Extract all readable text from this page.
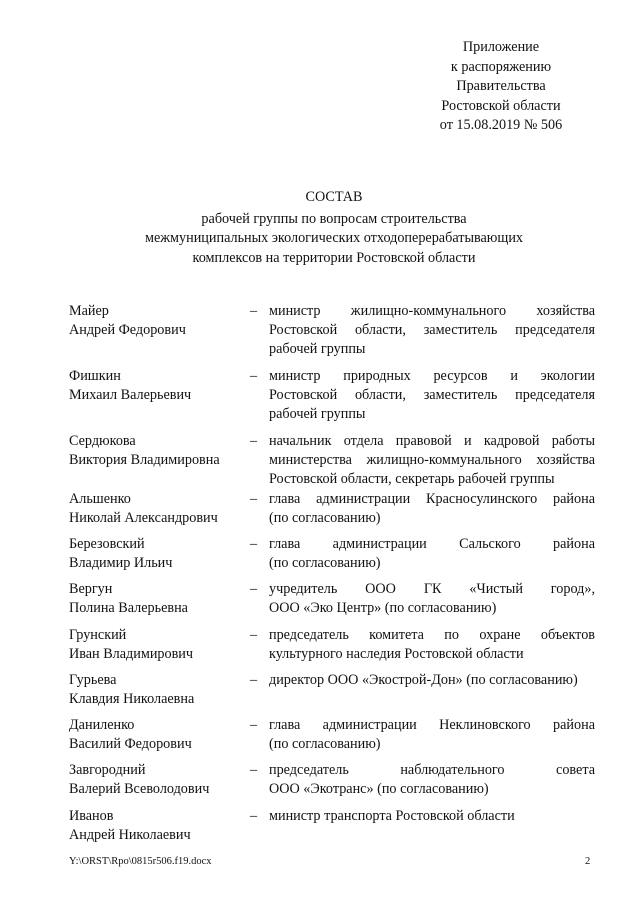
Приложение
к распоряжению
Правительства
Ростовской области
от 15.08.2019 № 506
СОСТАВ
рабочей группы по вопросам строительства
межмуниципальных экологических отходоперерабатывающих
комплексов на территории Ростовской области
Майер
Андрей Федорович
– министр жилищно-коммунального хозяйства
Ростовской области, заместитель председателя
рабочей группы
Фишкин
Михаил Валерьевич
– министр природных ресурсов и экологии
Ростовской области, заместитель председателя
рабочей группы
Сердюкова
Виктория Владимировна
– начальник отдела правовой и кадровой работы
министерства жилищно-коммунального хозяйства
Ростовской области, секретарь рабочей группы
Альшенко
Николай Александрович
– глава администрации Красносулинского района
(по согласованию)
Березовский
Владимир Ильич
– глава администрации Сальского района
(по согласованию)
Вергун
Полина Валерьевна
– учредитель ООО ГК «Чистый город»,
ООО «Эко Центр» (по согласованию)
Грунский
Иван Владимирович
– председатель комитета по охране объектов
культурного наследия Ростовской области
Гурьева
Клавдия Николаевна
– директор ООО «Экострой-Дон» (по согласованию)
Даниленко
Василий Федорович
– глава администрации Неклиновского района
(по согласованию)
Завгородний
Валерий Всеволодович
– председатель наблюдательного совета
ООО «Экотранс» (по согласованию)
Иванов
Андрей Николаевич
– министр транспорта Ростовской области
Y:\ORST\Rpo\0815r506.f19.docx	2
